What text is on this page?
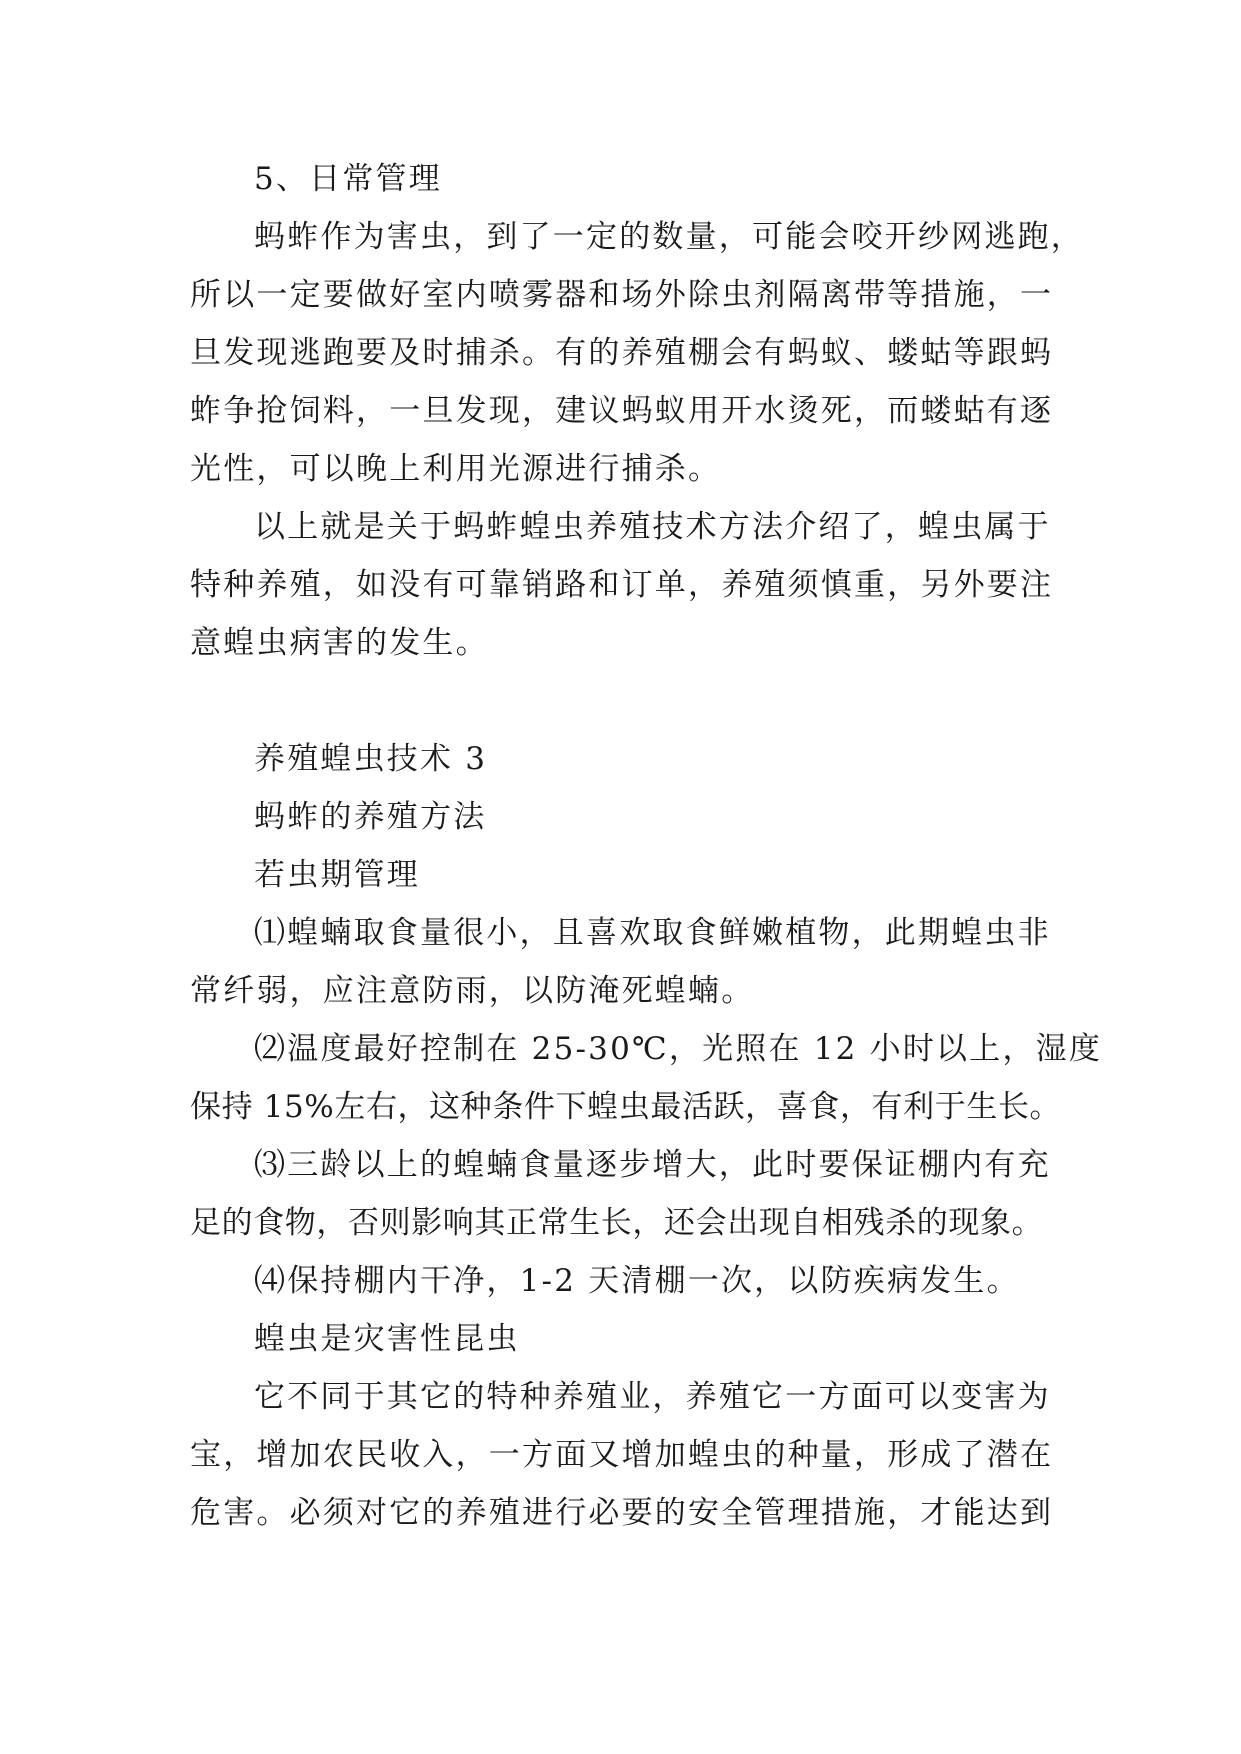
5、日常管理
蚂蚱作为害虫，到了一定的数量，可能会咬开纱网逃跑，
所以一定要做好室内喷雾器和场外除虫剂隔离带等措施，一
旦发现逃跑要及时捕杀。有的养殖棚会有蚂蚁、蝼蛄等跟蚂
蚱争抢饲料，一旦发现，建议蚂蚁用开水烫死，而蝼蛄有逐
光性，可以晚上利用光源进行捕杀。
以上就是关于蚂蚱蝗虫养殖技术方法介绍了，蝗虫属于
特种养殖，如没有可靠销路和订单，养殖须慎重，另外要注
意蝗虫病害的发生。
养殖蝗虫技术 3
蚂蚱的养殖方法
若虫期管理
⑴蝗蝻取食量很小，且喜欢取食鲜嫩植物，此期蝗虫非
常纤弱，应注意防雨，以防淹死蝗蝻。
⑵温度最好控制在 25-30℃，光照在 12 小时以上，湿度
保持 15%左右，这种条件下蝗虫最活跃，喜食，有利于生长。
⑶三龄以上的蝗蝻食量逐步增大，此时要保证棚内有充
足的食物，否则影响其正常生长，还会出现自相残杀的现象。
⑷保持棚内干净，1-2 天清棚一次，以防疾病发生。
蝗虫是灾害性昆虫
它不同于其它的特种养殖业，养殖它一方面可以变害为
宝，增加农民收入，一方面又增加蝗虫的种量，形成了潜在
危害。必须对它的养殖进行必要的安全管理措施，才能达到
